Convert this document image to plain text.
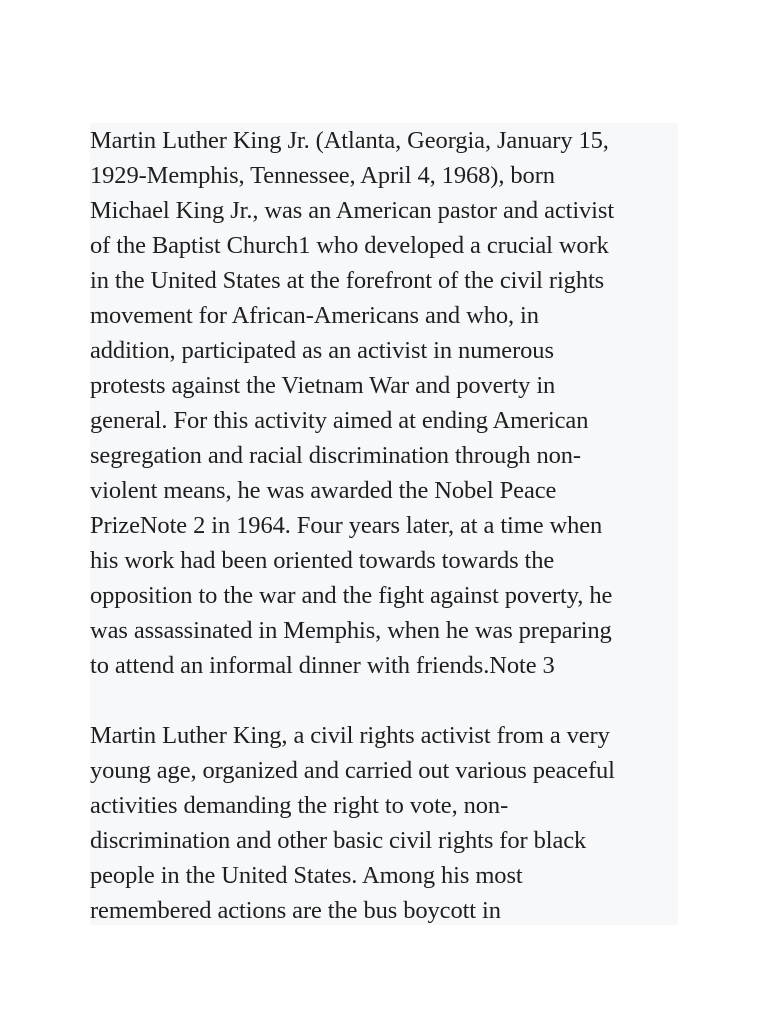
Martin Luther King Jr. (Atlanta, Georgia, January 15,
1929-Memphis, Tennessee, April 4, 1968), born
Michael King Jr., was an American pastor and activist
of the Baptist Church1 who developed a crucial work
in the United States at the forefront of the civil rights
movement for African-Americans and who, in
addition, participated as an activist in numerous
protests against the Vietnam War and poverty in
general. For this activity aimed at ending American
segregation and racial discrimination through non-
violent means, he was awarded the Nobel Peace
PrizeNote 2 in 1964. Four years later, at a time when
his work had been oriented towards towards the
opposition to the war and the fight against poverty, he
was assassinated in Memphis, when he was preparing
to attend an informal dinner with friends.Note 3
Martin Luther King, a civil rights activist from a very
young age, organized and carried out various peaceful
activities demanding the right to vote, non-
discrimination and other basic civil rights for black
people in the United States. Among his most
remembered actions are the bus boycott in
